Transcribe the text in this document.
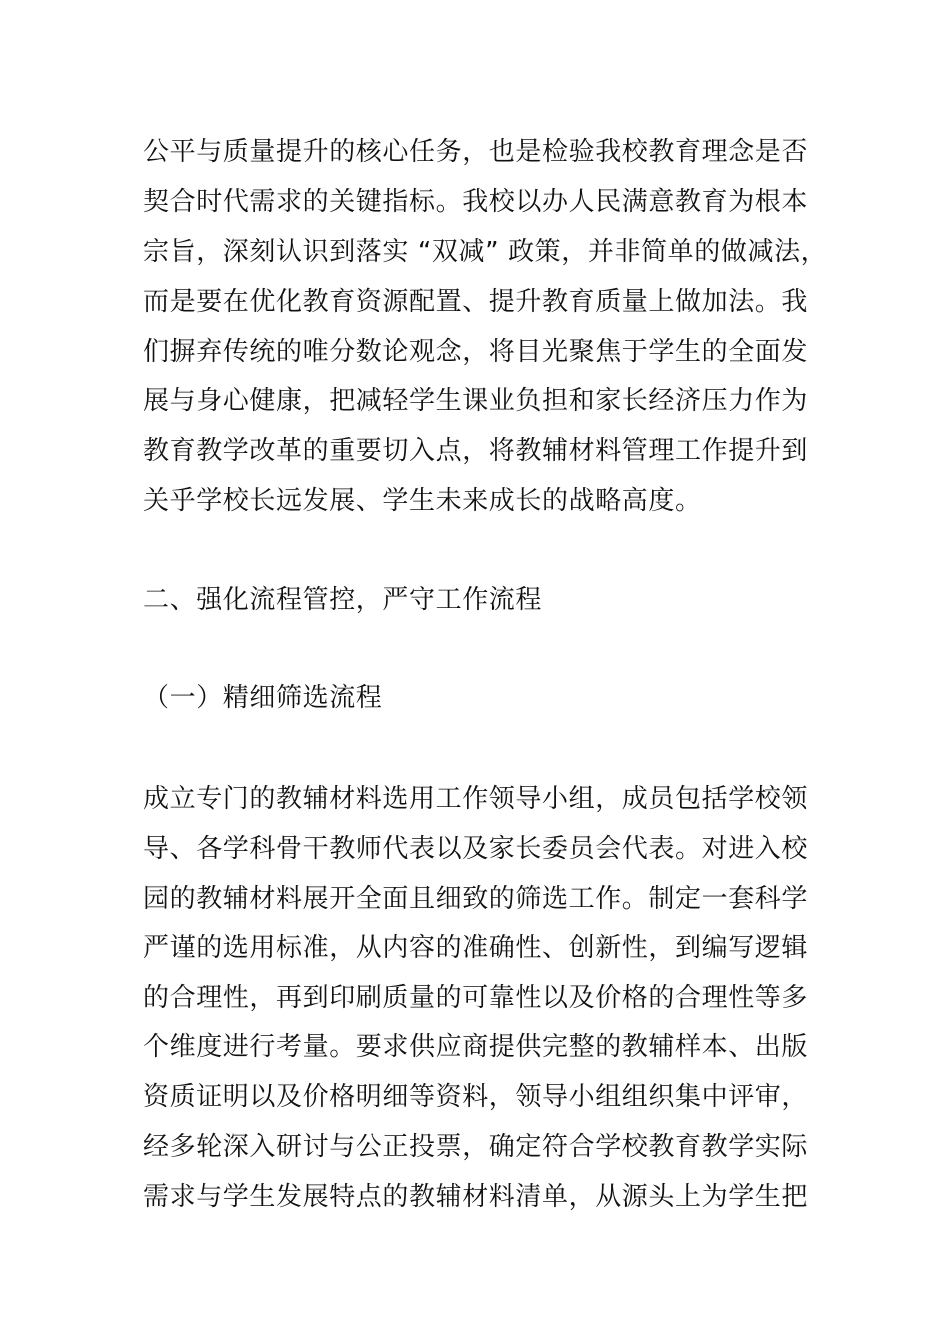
公平与质量提升的核心任务，也是检验我校教育理念是否
契合时代需求的关键指标。我校以办人民满意教育为根本
宗旨，深刻认识到落实 “双减” 政策，并非简单的做减法，
而是要在优化教育资源配置、提升教育质量上做加法。我
们摒弃传统的唯分数论观念，将目光聚焦于学生的全面发
展与身心健康，把减轻学生课业负担和家长经济压力作为
教育教学改革的重要切入点，将教辅材料管理工作提升到
关乎学校长远发展、学生未来成长的战略高度。
二、强化流程管控，严守工作流程
（一）精细筛选流程
成立专门的教辅材料选用工作领导小组，成员包括学校领
导、各学科骨干教师代表以及家长委员会代表。对进入校
园的教辅材料展开全面且细致的筛选工作。制定一套科学
严谨的选用标准，从内容的准确性、创新性，到编写逻辑
的合理性，再到印刷质量的可靠性以及价格的合理性等多
个维度进行考量。要求供应商提供完整的教辅样本、出版
资质证明以及价格明细等资料，领导小组组织集中评审，
经多轮深入研讨与公正投票，确定符合学校教育教学实际
需求与学生发展特点的教辅材料清单，从源头上为学生把
